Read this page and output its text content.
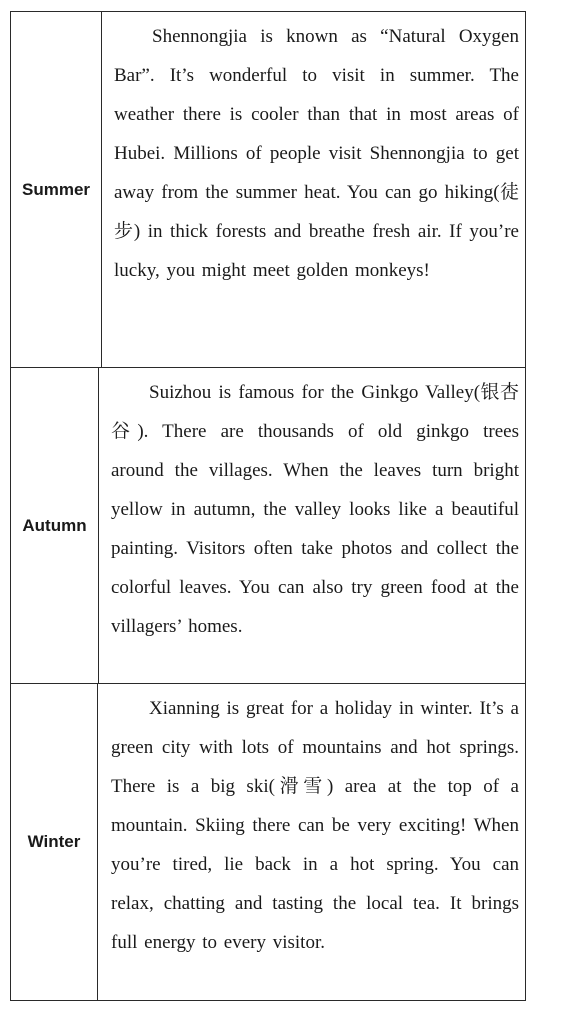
Summer
Shennongjia is known as “Natural Oxygen Bar”. It’s wonderful to visit in summer. The weather there is cooler than that in most areas of Hubei. Millions of people visit Shennongjia to get away from the summer heat. You can go hiking(徒步) in thick forests and breathe fresh air. If you’re lucky, you might meet golden monkeys!
Autumn
Suizhou is famous for the Ginkgo Valley(银杏谷). There are thousands of old ginkgo trees around the villages. When the leaves turn bright yellow in autumn, the valley looks like a beautiful painting. Visitors often take photos and collect the colorful leaves. You can also try green food at the villagers’ homes.
Winter
Xianning is great for a holiday in winter. It’s a green city with lots of mountains and hot springs. There is a big ski(滑雪) area at the top of a mountain. Skiing there can be very exciting! When you’re tired, lie back in a hot spring. You can relax, chatting and tasting the local tea. It brings full energy to every visitor.
